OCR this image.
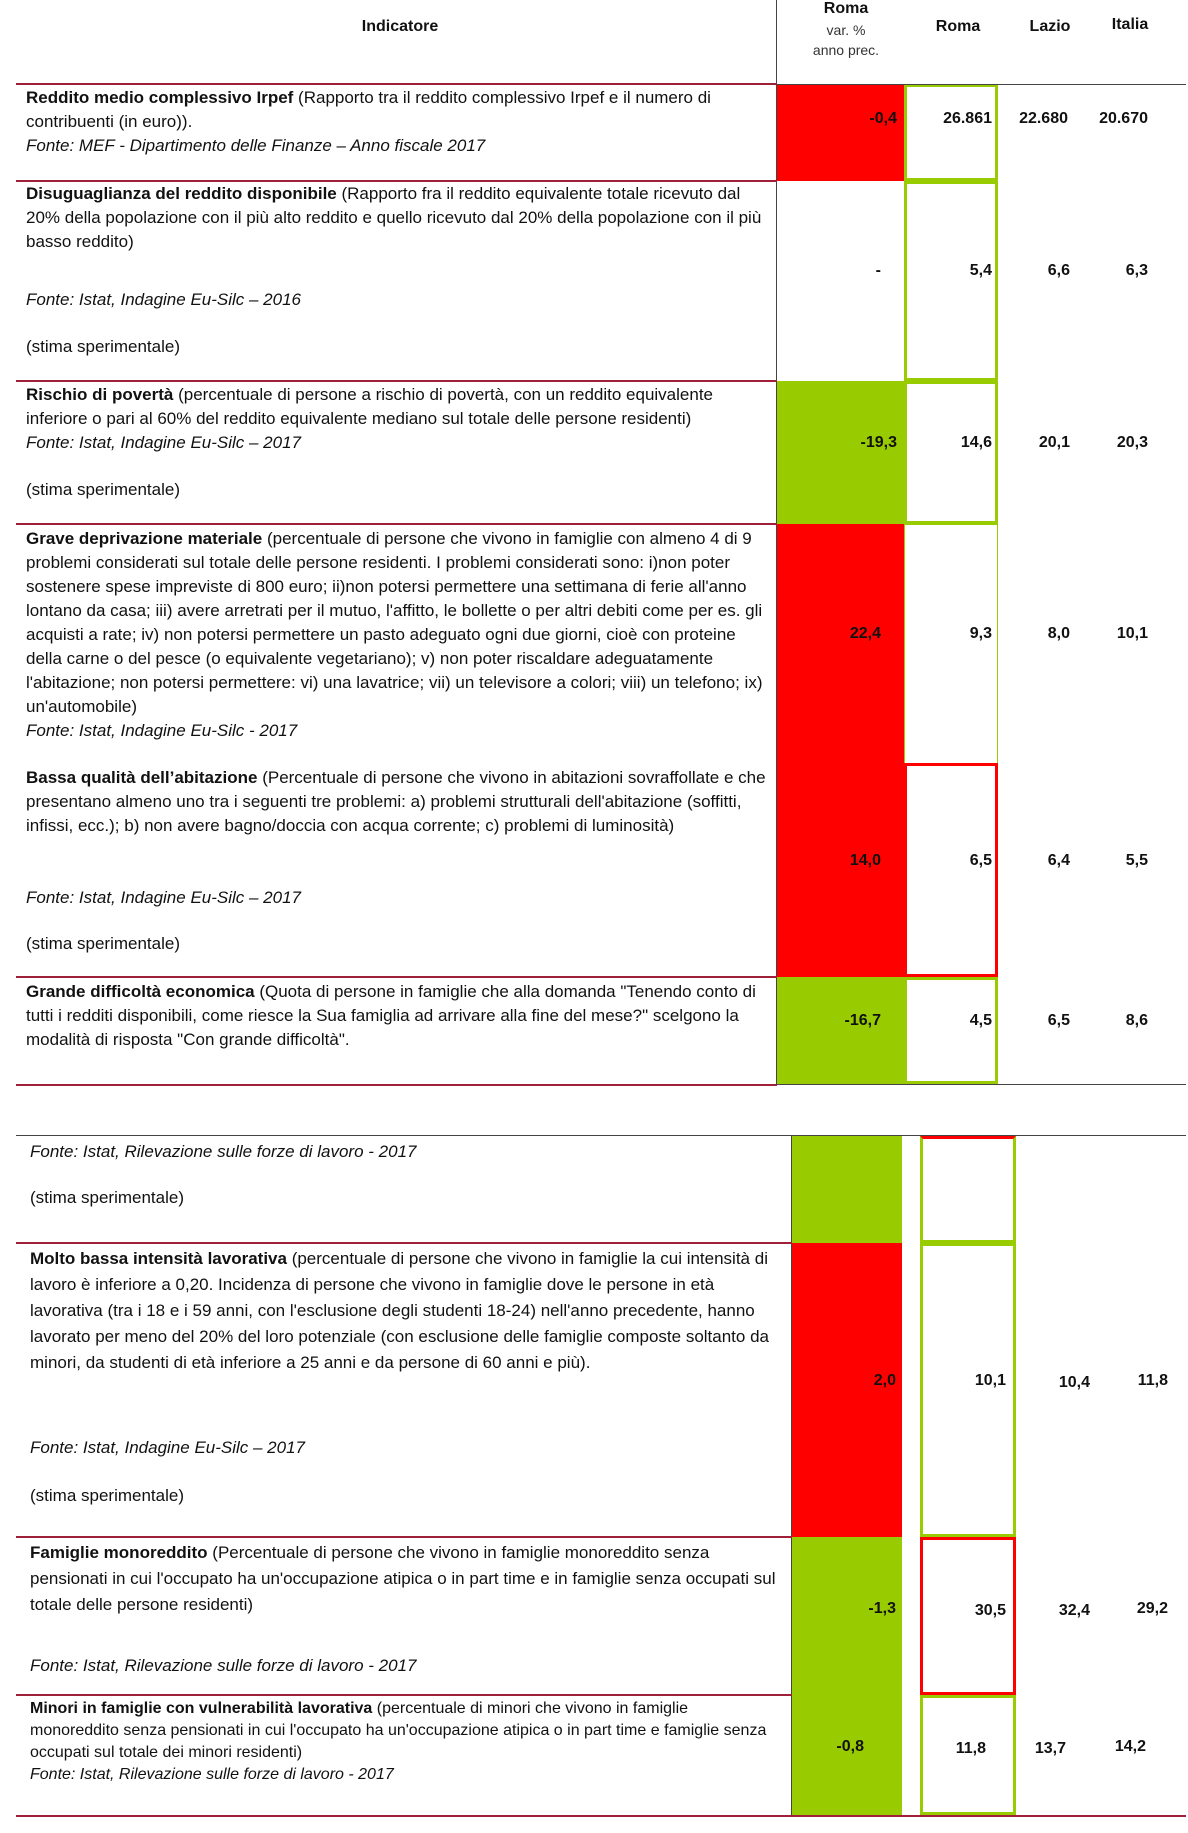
Indicatore
Roma
var. %
anno prec.
Roma	Lazio	Italia
Reddito medio complessivo Irpef (Rapporto tra il reddito complessivo Irpef e il numero di contribuenti (in euro)).
Fonte: MEF - Dipartimento delle Finanze – Anno fiscale 2017
-0,4	26.861	22.680	20.670
Disuguaglianza del reddito disponibile (Rapporto fra il reddito equivalente totale ricevuto dal 20% della popolazione con il più alto reddito e quello ricevuto dal 20% della popolazione con il più basso reddito)
Fonte: Istat, Indagine Eu-Silc – 2016
(stima sperimentale)
-	5,4	6,6	6,3
Rischio di povertà (percentuale di persone a rischio di povertà, con un reddito equivalente inferiore o pari al 60% del reddito equivalente mediano sul totale delle persone residenti)
Fonte: Istat, Indagine Eu-Silc – 2017
(stima sperimentale)
-19,3	14,6	20,1	20,3
Grave deprivazione materiale (percentuale di persone che vivono in famiglie con almeno 4 di 9 problemi considerati sul totale delle persone residenti. I problemi considerati sono: i)non poter sostenere spese impreviste di 800 euro; ii)non potersi permettere una settimana di ferie all'anno lontano da casa; iii) avere arretrati per il mutuo, l'affitto, le bollette o per altri debiti come per es. gli acquisti a rate; iv) non potersi permettere un pasto adeguato ogni due giorni, cioè con proteine della carne o del pesce (o equivalente vegetariano); v) non poter riscaldare adeguatamente l'abitazione; non potersi permettere: vi) una lavatrice; vii) un televisore a colori; viii) un telefono; ix) un'automobile)
Fonte: Istat, Indagine Eu-Silc - 2017
22,4	9,3	8,0	10,1
Bassa qualità dell’abitazione (Percentuale di persone che vivono in abitazioni sovraffollate e che presentano almeno uno tra i seguenti tre problemi: a) problemi strutturali dell'abitazione (soffitti, infissi, ecc.); b) non avere bagno/doccia con acqua corrente; c) problemi di luminosità)
Fonte: Istat, Indagine Eu-Silc – 2017
(stima sperimentale)
14,0	6,5	6,4	5,5
Grande difficoltà economica (Quota di persone in famiglie che alla domanda "Tenendo conto di tutti i redditi disponibili, come riesce la Sua famiglia ad arrivare alla fine del mese?" scelgono la modalità di risposta "Con grande difficoltà".
-16,7	4,5	6,5	8,6
Fonte: Istat, Rilevazione sulle forze di lavoro - 2017
(stima sperimentale)
Molto bassa intensità lavorativa (percentuale di persone che vivono in famiglie la cui intensità di lavoro è inferiore a 0,20. Incidenza di persone che vivono in famiglie dove le persone in età lavorativa (tra i 18 e i 59 anni, con l'esclusione degli studenti 18-24) nell'anno precedente, hanno lavorato per meno del 20% del loro potenziale (con esclusione delle famiglie composte soltanto da minori, da studenti di età inferiore a 25 anni e da persone di 60 anni e più).
Fonte: Istat, Indagine Eu-Silc – 2017
(stima sperimentale)
2,0	10,1	10,4	11,8
Famiglie monoreddito (Percentuale di persone che vivono in famiglie monoreddito senza pensionati in cui l'occupato ha un'occupazione atipica o in part time e in famiglie senza occupati sul totale delle persone residenti)
Fonte: Istat, Rilevazione sulle forze di lavoro - 2017
-1,3	30,5	32,4	29,2
Minori in famiglie con vulnerabilità lavorativa (percentuale di minori che vivono in famiglie monoreddito senza pensionati in cui l'occupato ha un'occupazione atipica o in part time e famiglie senza occupati sul totale dei minori residenti)
Fonte: Istat, Rilevazione sulle forze di lavoro - 2017
-0,8	11,8	13,7	14,2
